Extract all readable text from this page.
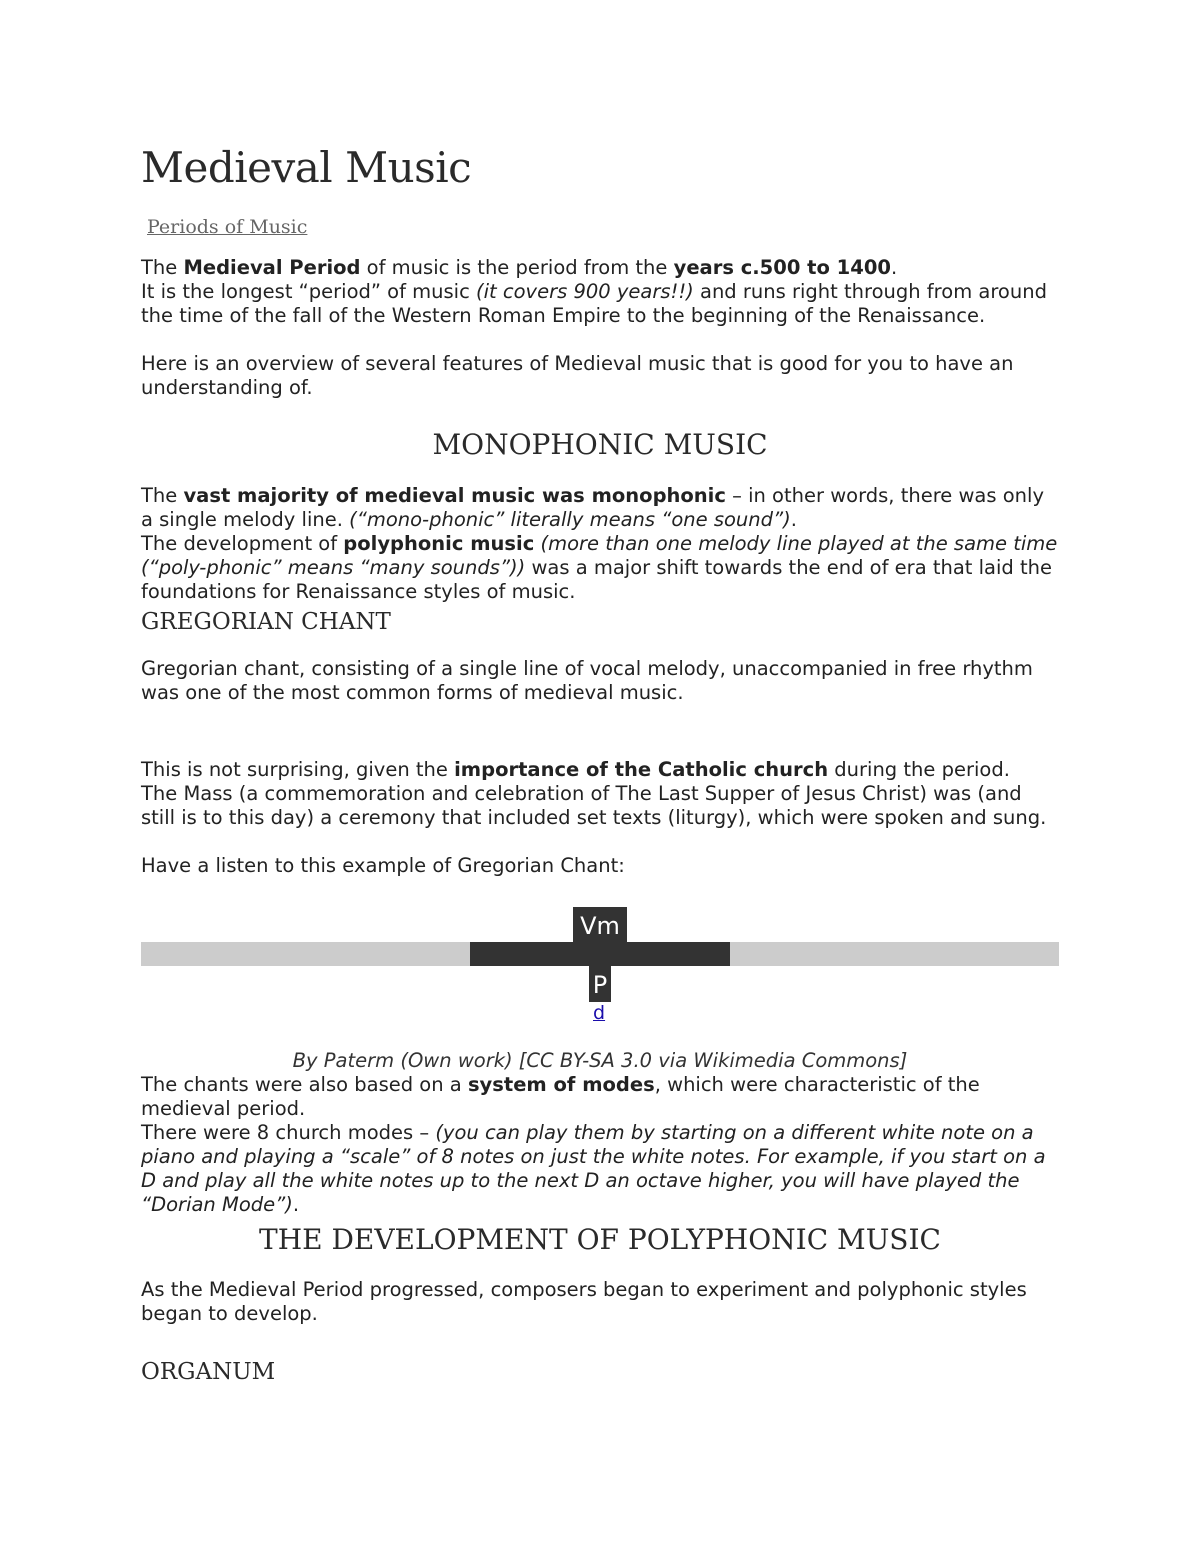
Medieval Music
Periods of Music

The Medieval Period of music is the period from the years c.500 to 1400.

It is the longest “period” of music (it covers 900 years!!) and runs right through from around the time of the fall of the Western Roman Empire to the beginning of the Renaissance.

Here is an overview of several features of Medieval music that is good for you to have an understanding of.

MONOPHONIC MUSIC

The vast majority of medieval music was monophonic – in other words, there was only a single melody line. (“mono-phonic” literally means “one sound”).

The development of polyphonic music (more than one melody line played at the same time (“poly-phonic” means “many sounds”)) was a major shift towards the end of era that laid the foundations for Renaissance styles of music.

GREGORIAN CHANT

Gregorian chant, consisting of a single line of vocal melody, unaccompanied in free rhythm was one of the most common forms of medieval music.

This is not surprising, given the importance of the Catholic church during the period.

The Mass (a commemoration and celebration of The Last Supper of Jesus Christ) was (and still is to this day) a ceremony that included set texts (liturgy), which were spoken and sung.

Have a listen to this example of Gregorian Chant:

Vm
P
d
By Paterm (Own work) [CC BY-SA 3.0 via Wikimedia Commons]

The chants were also based on a system of modes, which were characteristic of the medieval period.

There were 8 church modes – (you can play them by starting on a different white note on a piano and playing a “scale” of 8 notes on just the white notes. For example, if you start on a D and play all the white notes up to the next D an octave higher, you will have played the “Dorian Mode”).

THE DEVELOPMENT OF POLYPHONIC MUSIC

As the Medieval Period progressed, composers began to experiment and polyphonic styles began to develop.

ORGANUM
